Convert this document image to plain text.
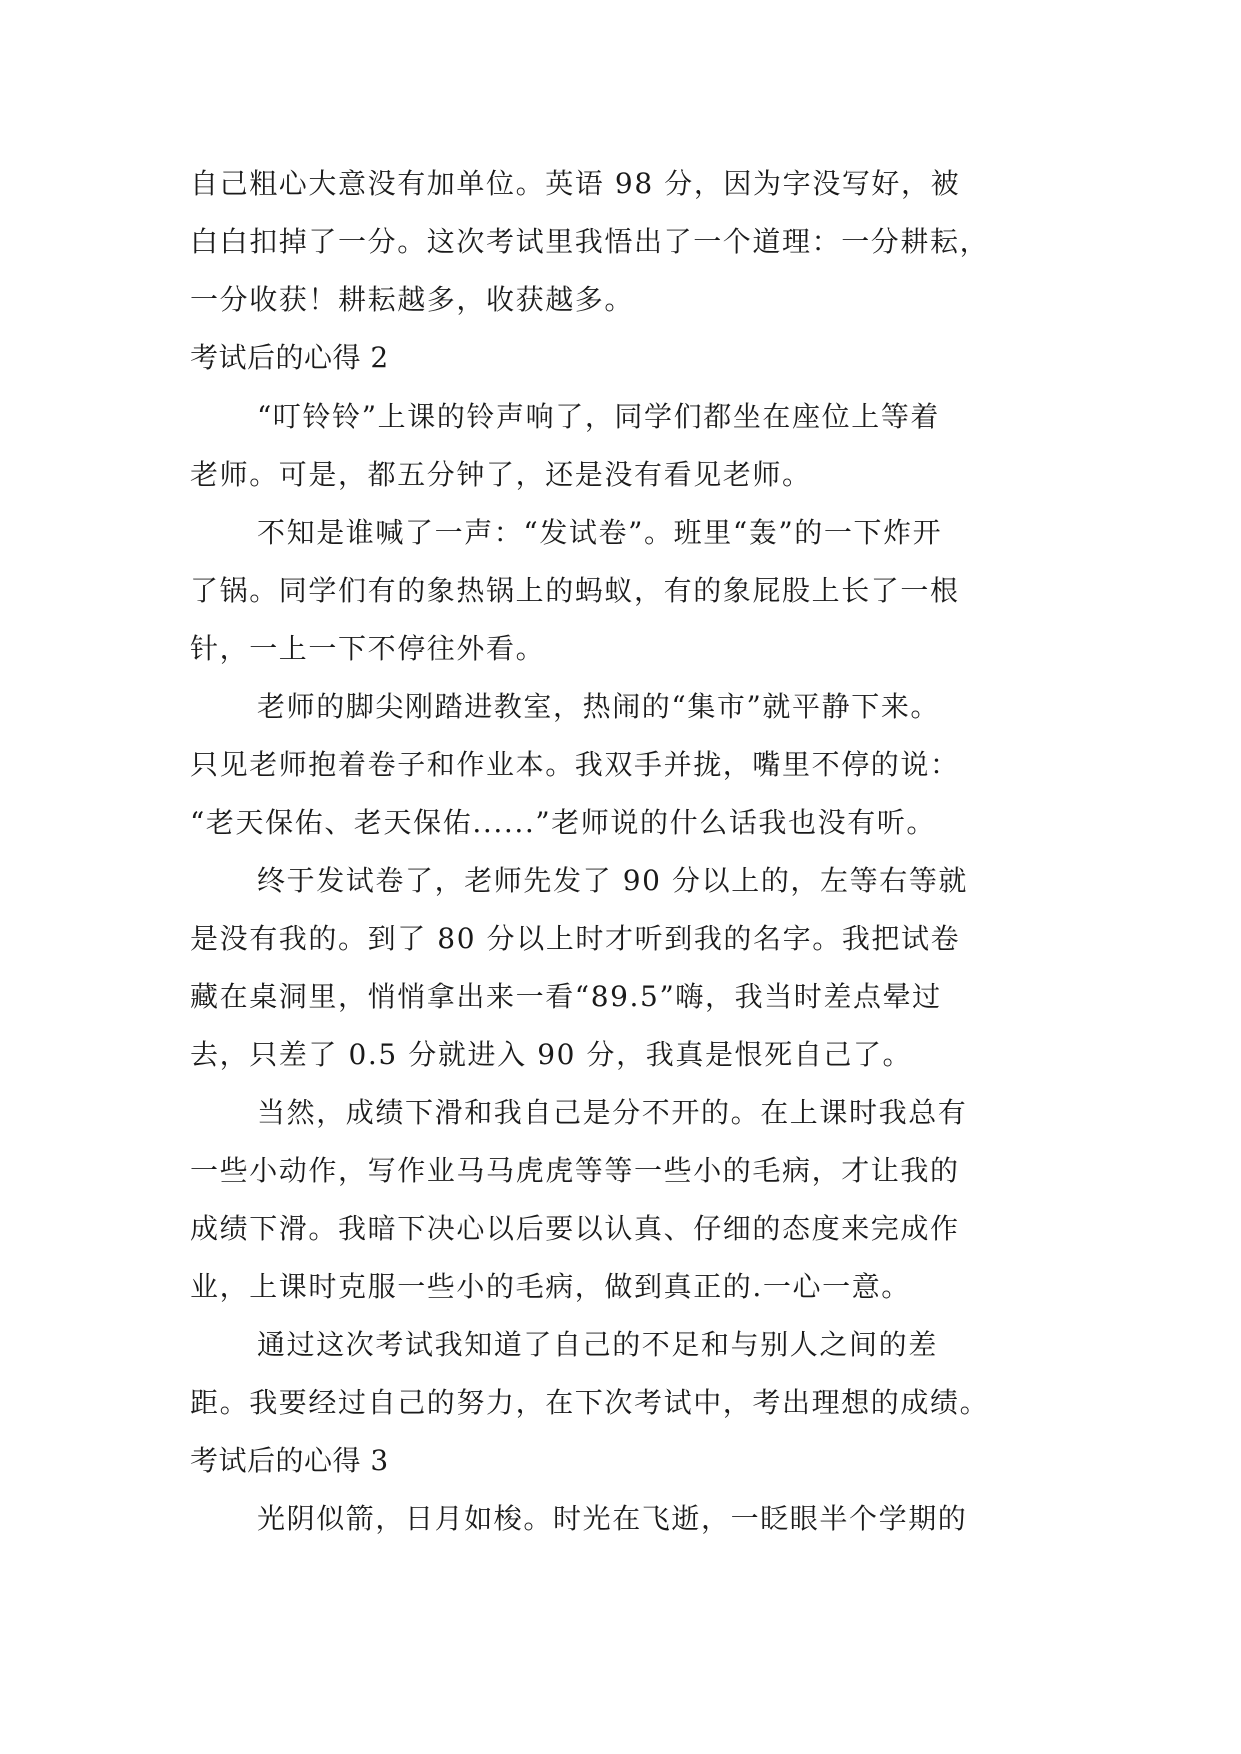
自己粗心大意没有加单位。英语 98 分，因为字没写好，被
白白扣掉了一分。这次考试里我悟出了一个道理：一分耕耘，
一分收获！耕耘越多，收获越多。
考试后的心得 2
“叮铃铃”上课的铃声响了，同学们都坐在座位上等着
老师。可是，都五分钟了，还是没有看见老师。
不知是谁喊了一声：“发试卷”。班里“轰”的一下炸开
了锅。同学们有的象热锅上的蚂蚁，有的象屁股上长了一根
针，一上一下不停往外看。
老师的脚尖刚踏进教室，热闹的“集市”就平静下来。
只见老师抱着卷子和作业本。我双手并拢，嘴里不停的说：
“老天保佑、老天保佑......”老师说的什么话我也没有听。
终于发试卷了，老师先发了 90 分以上的，左等右等就
是没有我的。到了 80 分以上时才听到我的名字。我把试卷
藏在桌洞里，悄悄拿出来一看“89.5”嗨，我当时差点晕过
去，只差了 0.5 分就进入 90 分，我真是恨死自己了。
当然，成绩下滑和我自己是分不开的。在上课时我总有
一些小动作，写作业马马虎虎等等一些小的毛病，才让我的
成绩下滑。我暗下决心以后要以认真、仔细的态度来完成作
业，上课时克服一些小的毛病，做到真正的.一心一意。
通过这次考试我知道了自己的不足和与别人之间的差
距。我要经过自己的努力，在下次考试中，考出理想的成绩。
考试后的心得 3
光阴似箭，日月如梭。时光在飞逝，一眨眼半个学期的
